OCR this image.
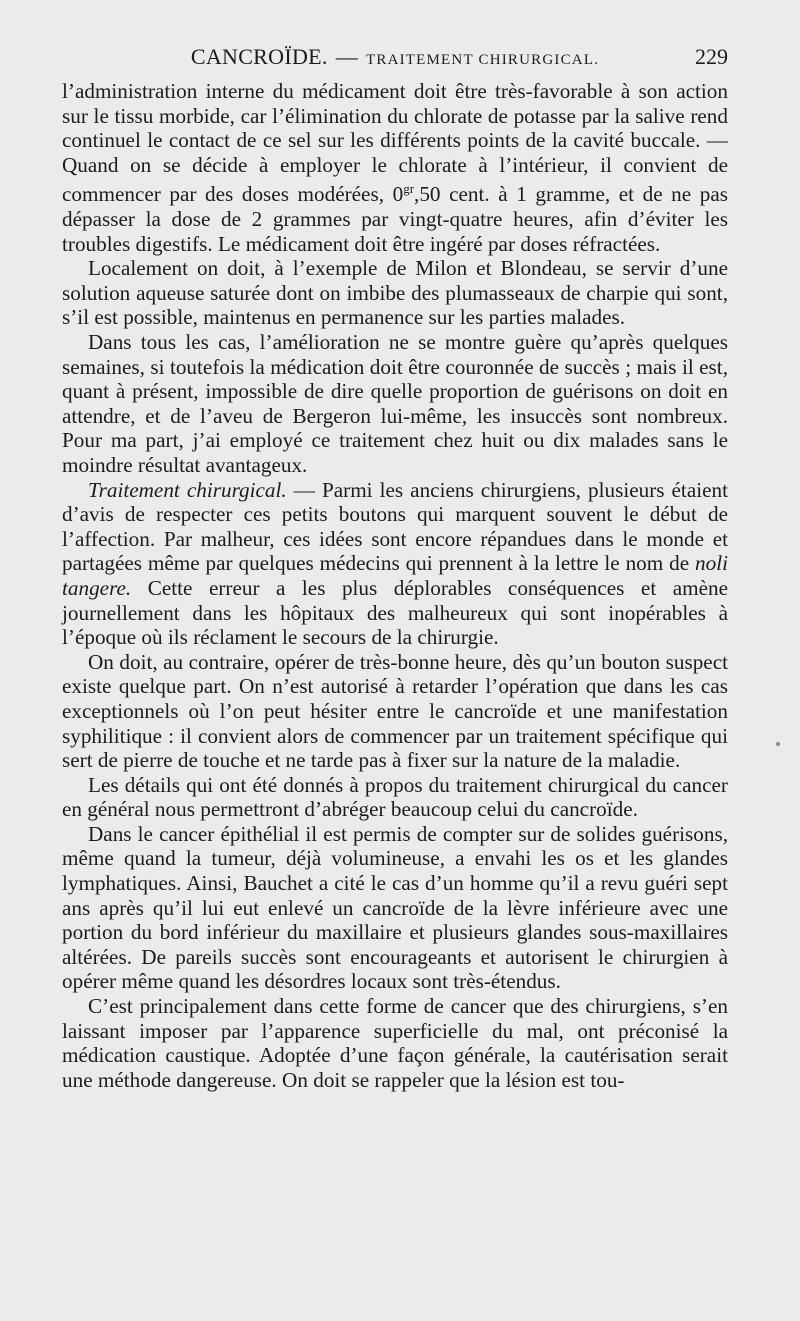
CANCROÏDE. — TRAITEMENT CHIRURGICAL.	229

l’administration interne du médicament doit être très-favorable à son action sur le tissu morbide, car l’élimination du chlorate de potasse par la salive rend continuel le contact de ce sel sur les différents points de la cavité buccale. — Quand on se décide à employer le chlorate à l’intérieur, il convient de commencer par des doses modérées, $0^{gr},50$ cent. à 1 gramme, et de ne pas dépasser la dose de 2 grammes par vingt-quatre heures, afin d’éviter les troubles digestifs. Le médicament doit être ingéré par doses réfractées.

Localement on doit, à l’exemple de Milon et Blondeau, se servir d’une solution aqueuse saturée dont on imbibe des plumasseaux de charpie qui sont, s’il est possible, maintenus en permanence sur les parties malades.

Dans tous les cas, l’amélioration ne se montre guère qu’après quelques semaines, si toutefois la médication doit être couronnée de succès ; mais il est, quant à présent, impossible de dire quelle proportion de guérisons on doit en attendre, et de l’aveu de Bergeron lui-même, les insuccès sont nombreux. Pour ma part, j’ai employé ce traitement chez huit ou dix malades sans le moindre résultat avantageux.

Traitement chirurgical. — Parmi les anciens chirurgiens, plusieurs étaient d’avis de respecter ces petits boutons qui marquent souvent le début de l’affection. Par malheur, ces idées sont encore répandues dans le monde et partagées même par quelques médecins qui prennent à la lettre le nom de noli tangere. Cette erreur a les plus déplorables conséquences et amène journellement dans les hôpitaux des malheureux qui sont inopérables à l’époque où ils réclament le secours de la chirurgie.

On doit, au contraire, opérer de très-bonne heure, dès qu’un bouton suspect existe quelque part. On n’est autorisé à retarder l’opération que dans les cas exceptionnels où l’on peut hésiter entre le cancroïde et une manifestation syphilitique : il convient alors de commencer par un traitement spécifique qui sert de pierre de touche et ne tarde pas à fixer sur la nature de la maladie.

Les détails qui ont été donnés à propos du traitement chirurgical du cancer en général nous permettront d’abréger beaucoup celui du cancroïde.

Dans le cancer épithélial il est permis de compter sur de solides guérisons, même quand la tumeur, déjà volumineuse, a envahi les os et les glandes lymphatiques. Ainsi, Bauchet a cité le cas d’un homme qu’il a revu guéri sept ans après qu’il lui eut enlevé un cancroïde de la lèvre inférieure avec une portion du bord inférieur du maxillaire et plusieurs glandes sous-maxillaires altérées. De pareils succès sont encourageants et autorisent le chirurgien à opérer même quand les désordres locaux sont très-étendus.

C’est principalement dans cette forme de cancer que des chirurgiens, s’en laissant imposer par l’apparence superficielle du mal, ont préconisé la médication caustique. Adoptée d’une façon générale, la cautérisation serait une méthode dangereuse. On doit se rappeler que la lésion est tou-
